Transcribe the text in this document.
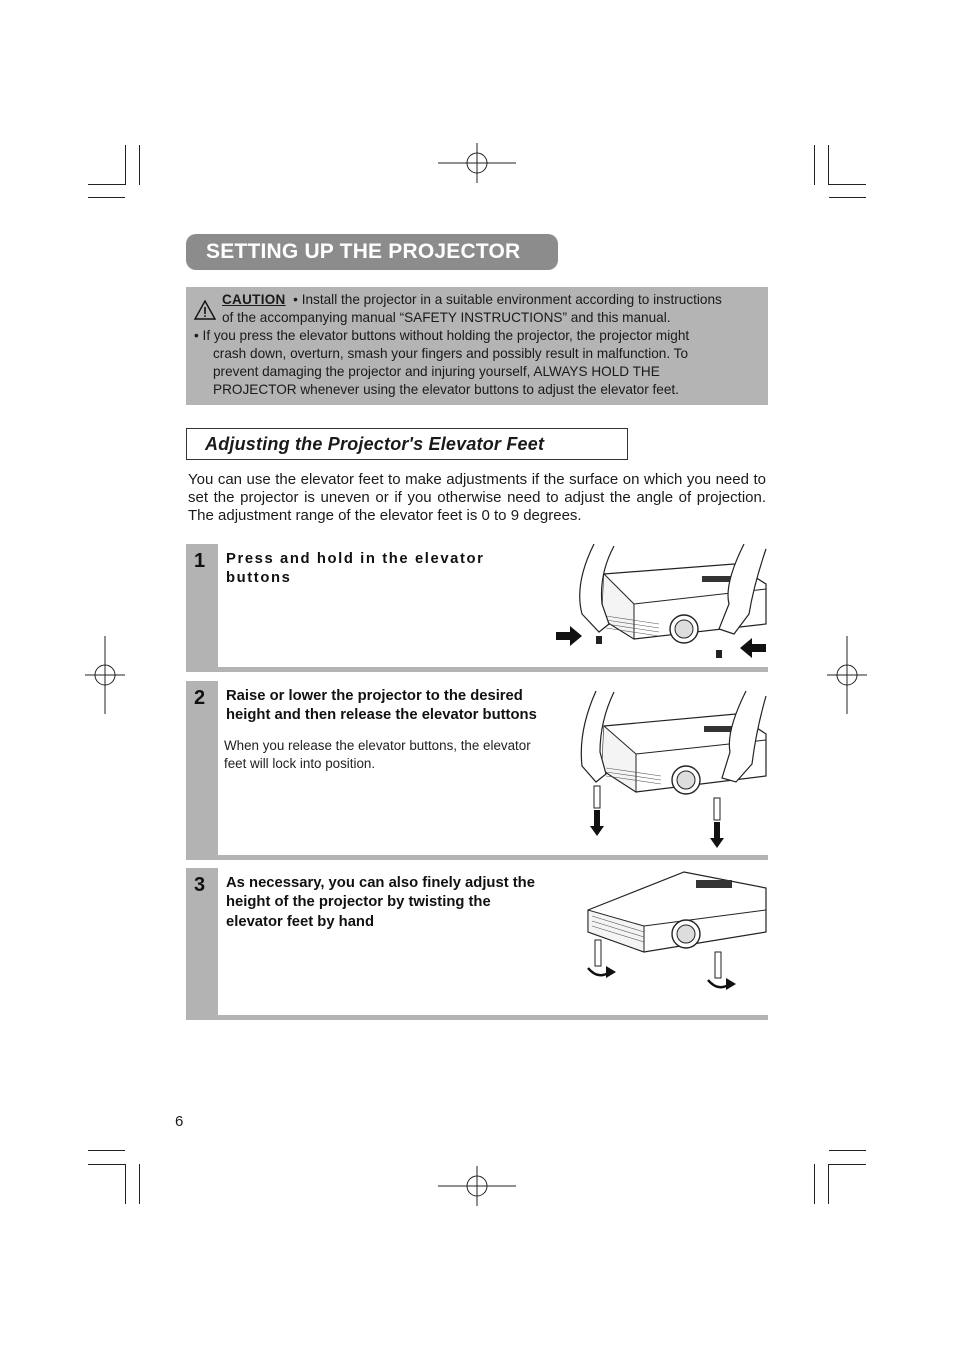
SETTING UP THE PROJECTOR
CAUTION • Install the projector in a suitable environment according to instructions
of the accompanying manual “SAFETY INSTRUCTIONS” and this manual.
• If you press the elevator buttons without holding the projector, the projector might
crash down, overturn, smash your fingers and possibly result in malfunction. To
prevent damaging the projector and injuring yourself, ALWAYS HOLD THE
PROJECTOR whenever using the elevator buttons to adjust the elevator feet.
Adjusting the Projector's Elevator Feet
You can use the elevator feet to make adjustments if the surface on which you need to set the projector is uneven or if you otherwise need to adjust the angle of projection. The adjustment range of the elevator feet is 0 to 9 degrees.
1 Press and hold in the elevator buttons
2 Raise or lower the projector to the desired height and then release the elevator buttons
When you release the elevator buttons, the elevator
feet will lock into position.
3 As necessary, you can also finely adjust the height of the projector by twisting the elevator feet by hand
6
